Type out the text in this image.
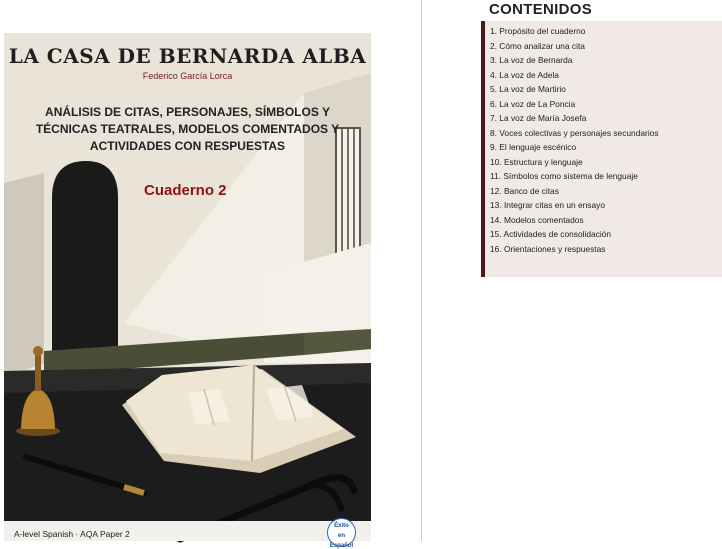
LA CASA DE BERNARDA ALBA
Federico García Lorca
ANÁLISIS DE CITAS, PERSONAJES, SÍMBOLOS Y TÉCNICAS TEATRALES, MODELOS COMENTADOS Y ACTIVIDADES CON RESPUESTAS
Cuaderno 2
A-level Spanish · AQA Paper 2
Éxito
en
Español
CONTENIDOS
1. Propósito del cuaderno
2. Cómo analizar una cita
3. La voz de Bernarda
4. La voz de Adela
5. La voz de Martirio
6. La voz de La Poncia
7. La voz de María Josefa
8. Voces colectivas y personajes secundarios
9. El lenguaje escénico
10. Estructura y lenguaje
11. Símbolos como sistema de lenguaje
12. Banco de citas
13. Integrar citas en un ensayo
14. Modelos comentados
15. Actividades de consolidación
16. Orientaciones y respuestas
